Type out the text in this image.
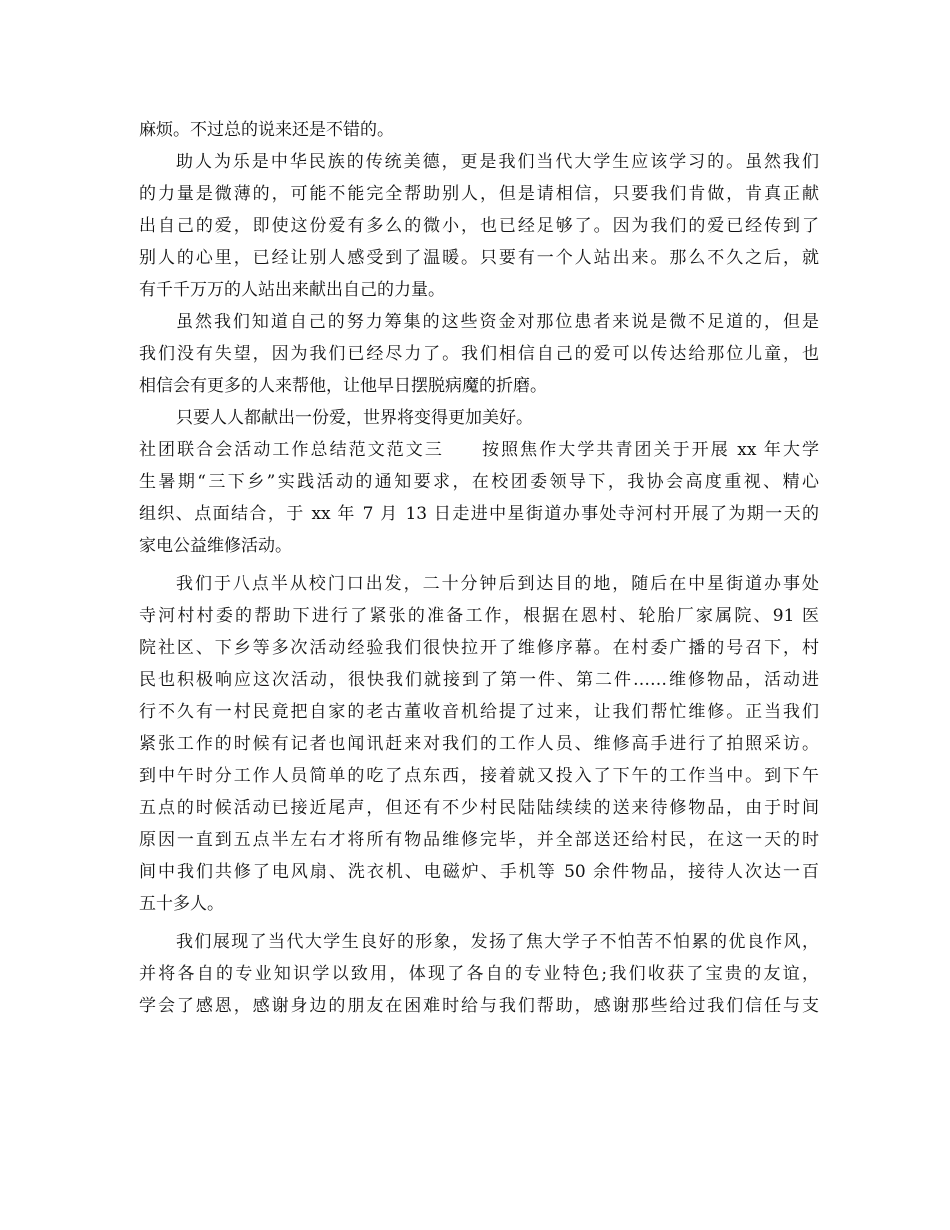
麻烦。不过总的说来还是不错的。
助人为乐是中华民族的传统美德，更是我们当代大学生应该学习的。虽然我们
的力量是微薄的，可能不能完全帮助别人，但是请相信，只要我们肯做，肯真正献
出自己的爱，即使这份爱有多么的微小，也已经足够了。因为我们的爱已经传到了
别人的心里，已经让别人感受到了温暖。只要有一个人站出来。那么不久之后，就
有千千万万的人站出来献出自己的力量。
虽然我们知道自己的努力筹集的这些资金对那位患者来说是微不足道的，但是
我们没有失望，因为我们已经尽力了。我们相信自己的爱可以传达给那位儿童，也
相信会有更多的人来帮他，让他早日摆脱病魔的折磨。
只要人人都献出一份爱，世界将变得更加美好。
社团联合会活动工作总结范文范文三　　按照焦作大学共青团关于开展 xx 年大学
生暑期“三下乡”实践活动的通知要求，在校团委领导下，我协会高度重视、精心
组织、点面结合，于 xx 年 7 月 13 日走进中星街道办事处寺河村开展了为期一天的
家电公益维修活动。
我们于八点半从校门口出发，二十分钟后到达目的地，随后在中星街道办事处
寺河村村委的帮助下进行了紧张的准备工作，根据在恩村、轮胎厂家属院、91 医
院社区、下乡等多次活动经验我们很快拉开了维修序幕。在村委广播的号召下，村
民也积极响应这次活动，很快我们就接到了第一件、第二件……维修物品，活动进
行不久有一村民竟把自家的老古董收音机给提了过来，让我们帮忙维修。正当我们
紧张工作的时候有记者也闻讯赶来对我们的工作人员、维修高手进行了拍照采访。
到中午时分工作人员简单的吃了点东西，接着就又投入了下午的工作当中。到下午
五点的时候活动已接近尾声，但还有不少村民陆陆续续的送来待修物品，由于时间
原因一直到五点半左右才将所有物品维修完毕，并全部送还给村民，在这一天的时
间中我们共修了电风扇、洗衣机、电磁炉、手机等 50 余件物品，接待人次达一百
五十多人。
我们展现了当代大学生良好的形象，发扬了焦大学子不怕苦不怕累的优良作风，
并将各自的专业知识学以致用，体现了各自的专业特色;我们收获了宝贵的友谊，
学会了感恩，感谢身边的朋友在困难时给与我们帮助，感谢那些给过我们信任与支
